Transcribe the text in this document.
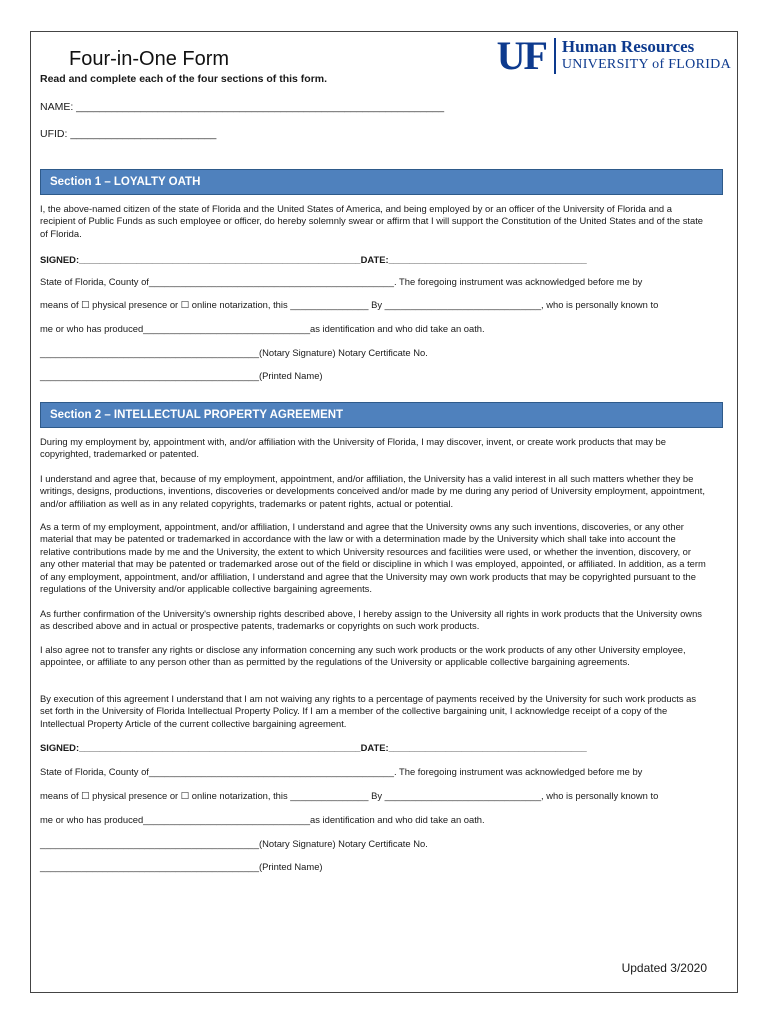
Four-in-One Form
Read and complete each of the four sections of this form.
UF Human Resources
UNIVERSITY of FLORIDA
NAME: _______________________________________________________________
UFID: _________________________
Section 1 – LOYALTY OATH
I, the above-named citizen of the state of Florida and the United States of America, and being employed by or an officer of the University of Florida and a recipient of Public Funds as such employee or officer, do hereby solemnly swear or affirm that I will support the Constitution of the United States and of the state of Florida.
SIGNED:______________________________________________________DATE:______________________________________
State of Florida, County of_______________________________________________. The foregoing instrument was acknowledged before me by
means of ☐ physical presence or ☐ online notarization, this _______________ By ______________________________, who is personally known to
me or who has produced________________________________as identification and who did take an oath.
__________________________________________(Notary Signature) Notary Certificate No.
__________________________________________(Printed Name)
Section 2 – INTELLECTUAL PROPERTY AGREEMENT
During my employment by, appointment with, and/or affiliation with the University of Florida, I may discover, invent, or create work products that may be copyrighted, trademarked or patented.
I understand and agree that, because of my employment, appointment, and/or affiliation, the University has a valid interest in all such matters whether they be writings, designs, productions, inventions, discoveries or developments conceived and/or made by me during any period of University employment, appointment, and/or affiliation as well as in any related copyrights, trademarks or patent rights, actual or potential.
As a term of my employment, appointment, and/or affiliation, I understand and agree that the University owns any such inventions, discoveries, or any other material that may be patented or trademarked in accordance with the law or with a determination made by the University which shall take into account the relative contributions made by me and the University, the extent to which University resources and facilities were used, or whether the invention, discovery, or any other material that may be patented or trademarked arose out of the field or discipline in which I was employed, appointed, or affiliated. In addition, as a term of any employment, appointment, and/or affiliation, I understand and agree that the University may own work products that may be copyrighted pursuant to the regulations of the University and/or applicable collective bargaining agreements.
As further confirmation of the University's ownership rights described above, I hereby assign to the University all rights in work products that the University owns as described above and in actual or prospective patents, trademarks or copyrights on such work products.
I also agree not to transfer any rights or disclose any information concerning any such work products or the work products of any other University employee, appointee, or affiliate to any person other than as permitted by the regulations of the University or applicable collective bargaining agreements.
By execution of this agreement I understand that I am not waiving any rights to a percentage of payments received by the University for such work products as set forth in the University of Florida Intellectual Property Policy. If I am a member of the collective bargaining unit, I acknowledge receipt of a copy of the Intellectual Property Article of the current collective bargaining agreement.
SIGNED:______________________________________________________DATE:______________________________________
State of Florida, County of_______________________________________________. The foregoing instrument was acknowledged before me by
means of ☐ physical presence or ☐ online notarization, this _______________ By ______________________________, who is personally known to
me or who has produced________________________________as identification and who did take an oath.
__________________________________________(Notary Signature) Notary Certificate No.
__________________________________________(Printed Name)
Updated 3/2020
